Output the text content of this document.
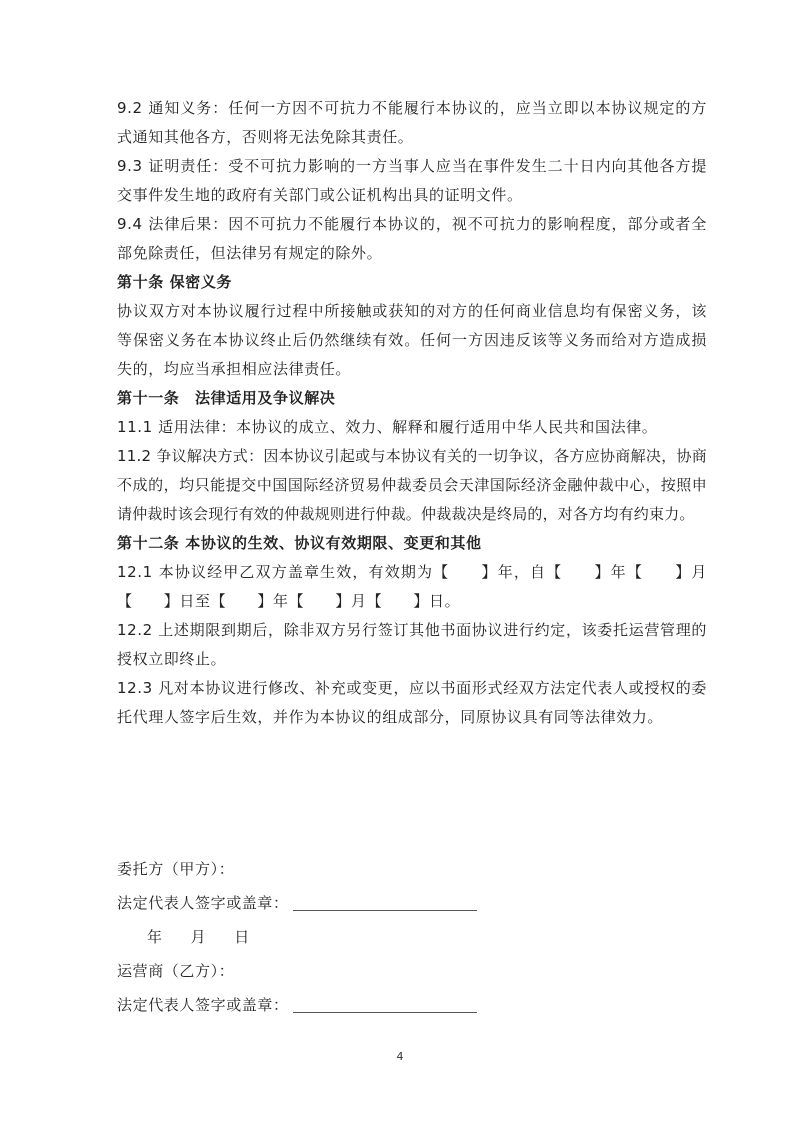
9.2 通知义务：任何一方因不可抗力不能履行本协议的，应当立即以本协议规定的方式通知其他各方，否则将无法免除其责任。

9.3 证明责任：受不可抗力影响的一方当事人应当在事件发生二十日内向其他各方提交事件发生地的政府有关部门或公证机构出具的证明文件。

9.4 法律后果：因不可抗力不能履行本协议的，视不可抗力的影响程度，部分或者全部免除责任，但法律另有规定的除外。

第十条 保密义务

协议双方对本协议履行过程中所接触或获知的对方的任何商业信息均有保密义务，该等保密义务在本协议终止后仍然继续有效。任何一方因违反该等义务而给对方造成损失的，均应当承担相应法律责任。

第十一条　法律适用及争议解决

11.1 适用法律：本协议的成立、效力、解释和履行适用中华人民共和国法律。

11.2 争议解决方式：因本协议引起或与本协议有关的一切争议，各方应协商解决，协商不成的，均只能提交中国国际经济贸易仲裁委员会天津国际经济金融仲裁中心，按照申请仲裁时该会现行有效的仲裁规则进行仲裁。仲裁裁决是终局的，对各方均有约束力。

第十二条 本协议的生效、协议有效期限、变更和其他

12.1 本协议经甲乙双方盖章生效，有效期为【　　】年，自【　　】年【　　】月【　　】日至【　　】年【　　】月【　　】日。

12.2 上述期限到期后，除非双方另行签订其他书面协议进行约定，该委托运营管理的授权立即终止。

12.3 凡对本协议进行修改、补充或变更，应以书面形式经双方法定代表人或授权的委托代理人签字后生效，并作为本协议的组成部分，同原协议具有同等法律效力。

委托方（甲方）：
法定代表人签字或盖章：
年 月 日
运营商（乙方）：
法定代表人签字或盖章：
4
